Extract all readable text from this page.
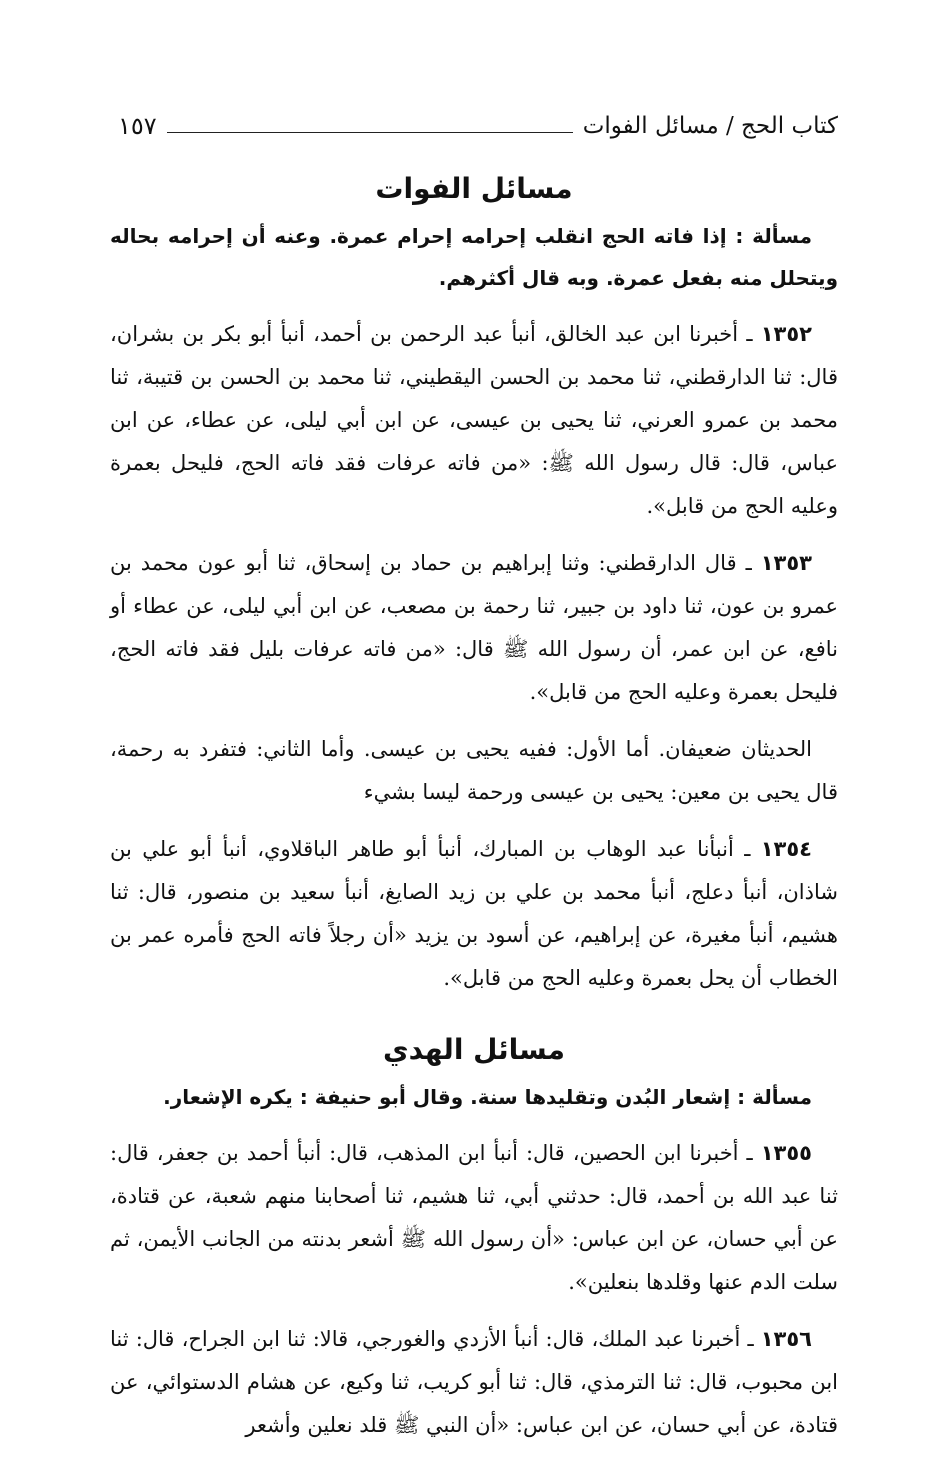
كتاب الحج / مسائل الفوات
١٥٧
مسائل الفوات

مسألة : إذا فاته الحج انقلب إحرامه إحرام عمرة. وعنه أن إحرامه بحاله ويتحلل منه بفعل عمرة. وبه قال أكثرهم.

١٣٥٢ ـ أخبرنا ابن عبد الخالق، أنبأ عبد الرحمن بن أحمد، أنبأ أبو بكر بن بشران، قال: ثنا الدارقطني، ثنا محمد بن الحسن اليقطيني، ثنا محمد بن الحسن بن قتيبة، ثنا محمد بن عمرو العرني، ثنا يحيى بن عيسى، عن ابن أبي ليلى، عن عطاء، عن ابن عباس، قال: قال رسول الله ﷺ: «من فاته عرفات فقد فاته الحج، فليحل بعمرة وعليه الحج من قابل».

١٣٥٣ ـ قال الدارقطني: وثنا إبراهيم بن حماد بن إسحاق، ثنا أبو عون محمد بن عمرو بن عون، ثنا داود بن جبير، ثنا رحمة بن مصعب، عن ابن أبي ليلى، عن عطاء أو نافع، عن ابن عمر، أن رسول الله ﷺ قال: «من فاته عرفات بليل فقد فاته الحج، فليحل بعمرة وعليه الحج من قابل».

الحديثان ضعيفان. أما الأول: ففيه يحيى بن عيسى. وأما الثاني: فتفرد به رحمة، قال يحيى بن معين: يحيى بن عيسى ورحمة ليسا بشيء

١٣٥٤ ـ أنبأنا عبد الوهاب بن المبارك، أنبأ أبو طاهر الباقلاوي، أنبأ أبو علي بن شاذان، أنبأ دعلج، أنبأ محمد بن علي بن زيد الصايغ، أنبأ سعيد بن منصور، قال: ثنا هشيم، أنبأ مغيرة، عن إبراهيم، عن أسود بن يزيد «أن رجلاً فاته الحج فأمره عمر بن الخطاب أن يحل بعمرة وعليه الحج من قابل».

مسائل الهدي

مسألة : إشعار البُدن وتقليدها سنة. وقال أبو حنيفة : يكره الإشعار.

١٣٥٥ ـ أخبرنا ابن الحصين، قال: أنبأ ابن المذهب، قال: أنبأ أحمد بن جعفر، قال: ثنا عبد الله بن أحمد، قال: حدثني أبي، ثنا هشيم، ثنا أصحابنا منهم شعبة، عن قتادة، عن أبي حسان، عن ابن عباس: «أن رسول الله ﷺ أشعر بدنته من الجانب الأيمن، ثم سلت الدم عنها وقلدها بنعلين».

١٣٥٦ ـ أخبرنا عبد الملك، قال: أنبأ الأزدي والغورجي، قالا: ثنا ابن الجراح، قال: ثنا ابن محبوب، قال: ثنا الترمذي، قال: ثنا أبو كريب، ثنا وكيع، عن هشام الدستوائي، عن قتادة، عن أبي حسان، عن ابن عباس: «أن النبي ﷺ قلد نعلين وأشعر
